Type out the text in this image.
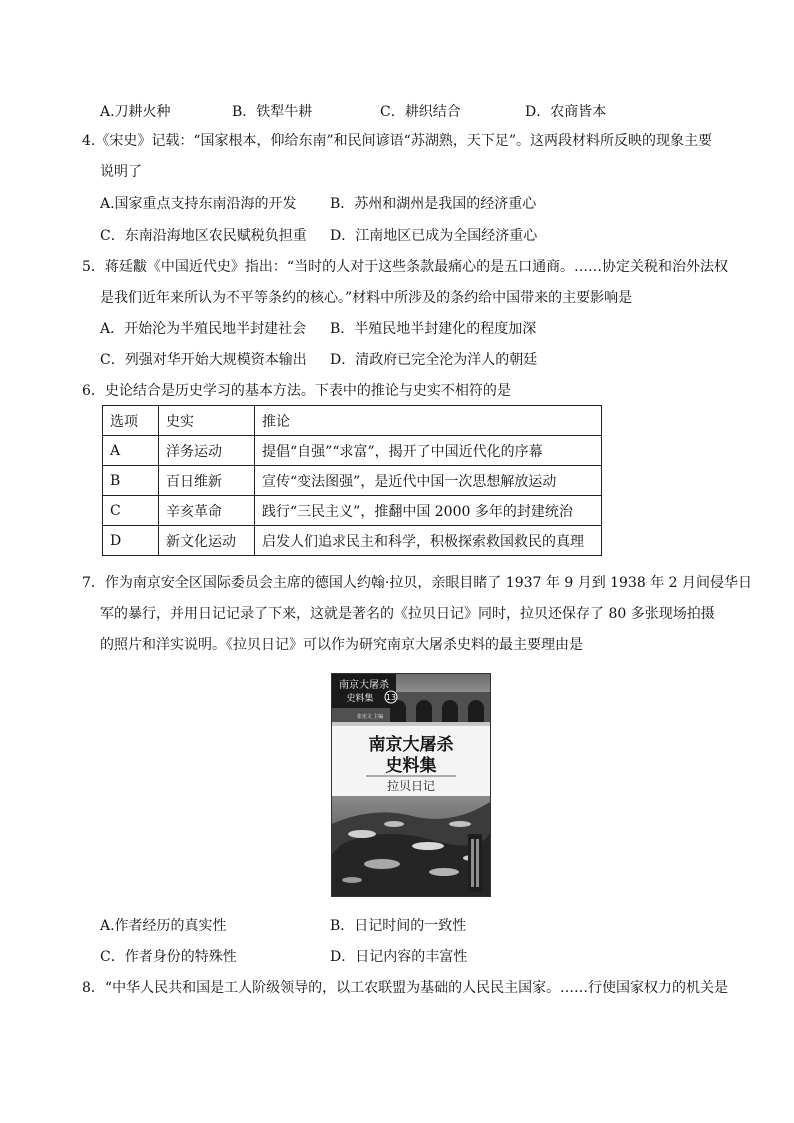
A.刀耕火种	B．铁犁牛耕	C．耕织结合	D．农商皆本
4.《宋史》记载：“国家根本，仰给东南”和民间谚语“苏湖熟，天下足”。这两段材料所反映的现象主要
说明了
A.国家重点支持东南沿海的开发 B．苏州和湖州是我国的经济重心
C．东南沿海地区农民赋税负担重 D．江南地区已成为全国经济重心
5．蒋廷黻《中国近代史》指出：“当时的人对于这些条款最痛心的是五口通商。……协定关税和治外法权
是我们近年来所认为不平等条约的核心。”材料中所涉及的条约给中国带来的主要影响是
A．开始沦为半殖民地半封建社会 B．半殖民地半封建化的程度加深
C．列强对华开始大规模资本输出 D．清政府已完全沦为洋人的朝廷
6．史论结合是历史学习的基本方法。下表中的推论与史实不相符的是
选项	史实	推论
A	洋务运动	提倡“自强”“求富”，揭开了中国近代化的序幕
B	百日维新	宣传“变法图强”，是近代中国一次思想解放运动
C	辛亥革命	践行“三民主义”，推翻中国 2000 多年的封建统治
D	新文化运动	启发人们追求民主和科学，积极探索救国救民的真理
7．作为南京安全区国际委员会主席的德国人约翰·拉贝，亲眼目睹了 1937 年 9 月到 1938 年 2 月间侵华日
军的暴行，并用日记记录了下来，这就是著名的《拉贝日记》同时，拉贝还保存了 80 多张现场拍摄
的照片和洋实说明。《拉贝日记》可以作为研究南京大屠杀史料的最主要理由是
南京大屠杀
史料集 13
张宪文 主编
南京大屠杀
史料集
拉贝日记
A.作者经历的真实性	B．日记时间的一致性
C．作者身份的特殊性	D．日记内容的丰富性
8．“中华人民共和国是工人阶级领导的，以工农联盟为基础的人民民主国家。……行使国家权力的机关是
